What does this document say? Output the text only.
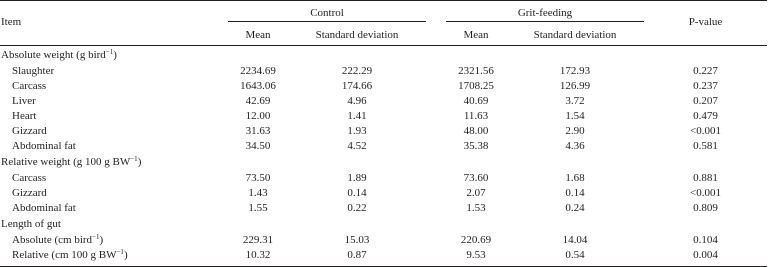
Item	Control			Grit-feeding		P-value
	Mean	Standard deviation		Mean	Standard deviation	
Absolute weight (g bird$^{-1}$)						
Slaughter	2234.69	222.29		2321.56	172.93	0.227
Carcass	1643.06	174.66		1708.25	126.99	0.237
Liver	42.69	4.96		40.69	3.72	0.207
Heart	12.00	1.41		11.63	1.54	0.479
Gizzard	31.63	1.93		48.00	2.90	<0.001
Abdominal fat	34.50	4.52		35.38	4.36	0.581
Relative weight (g 100 g $BW^{-1}$)						
Carcass	73.50	1.89		73.60	1.68	0.881
Gizzard	1.43	0.14		2.07	0.14	<0.001
Abdominal fat	1.55	0.22		1.53	0.24	0.809
Length of gut						
Absolute (cm bird$^{-1}$)	229.31	15.03		220.69	14.04	0.104
Relative (cm 100 g $BW^{-1}$)	10.32	0.87		9.53	0.54	0.004
